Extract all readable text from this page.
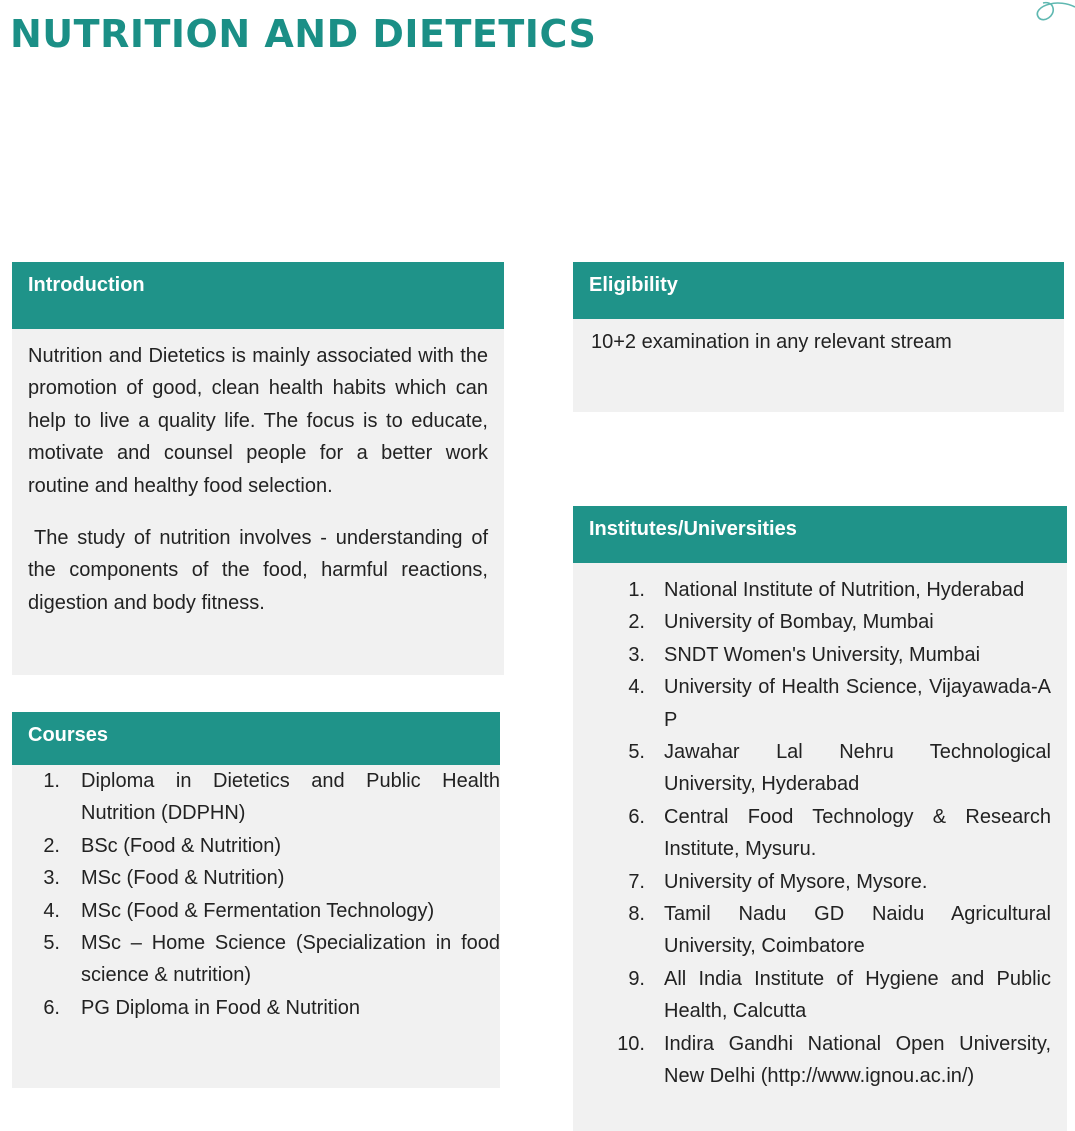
NUTRITION AND DIETETICS
Introduction

Nutrition and Dietetics is mainly associated with the promotion of good, clean health habits which can help to live a quality life. The focus is to educate, motivate and counsel people for a better work routine and healthy food selection.

The study of nutrition involves - understanding of the components of the food, harmful reactions, digestion and body fitness.

Eligibility
10+2 examination in any relevant stream
Institutes/Universities
1. National Institute of Nutrition, Hyderabad
2. University of Bombay, Mumbai
3. SNDT Women's University, Mumbai
4. University of Health Science, Vijayawada-A P
5. Jawahar Lal Nehru Technological University, Hyderabad
6. Central Food Technology & Research Institute, Mysuru.
7. University of Mysore, Mysore.
8. Tamil Nadu GD Naidu Agricultural University, Coimbatore
9. All India Institute of Hygiene and Public Health, Calcutta
10. Indira Gandhi National Open University, New Delhi (http://www.ignou.ac.in/)
Courses
1.	Diploma in Dietetics and Public Health Nutrition (DDPHN)
2.	BSc (Food & Nutrition)
3.	MSc (Food & Nutrition)
4.	MSc (Food & Fermentation Technology)
5.	MSc – Home Science (Specialization in food science & nutrition)
6.	PG Diploma in Food & Nutrition
